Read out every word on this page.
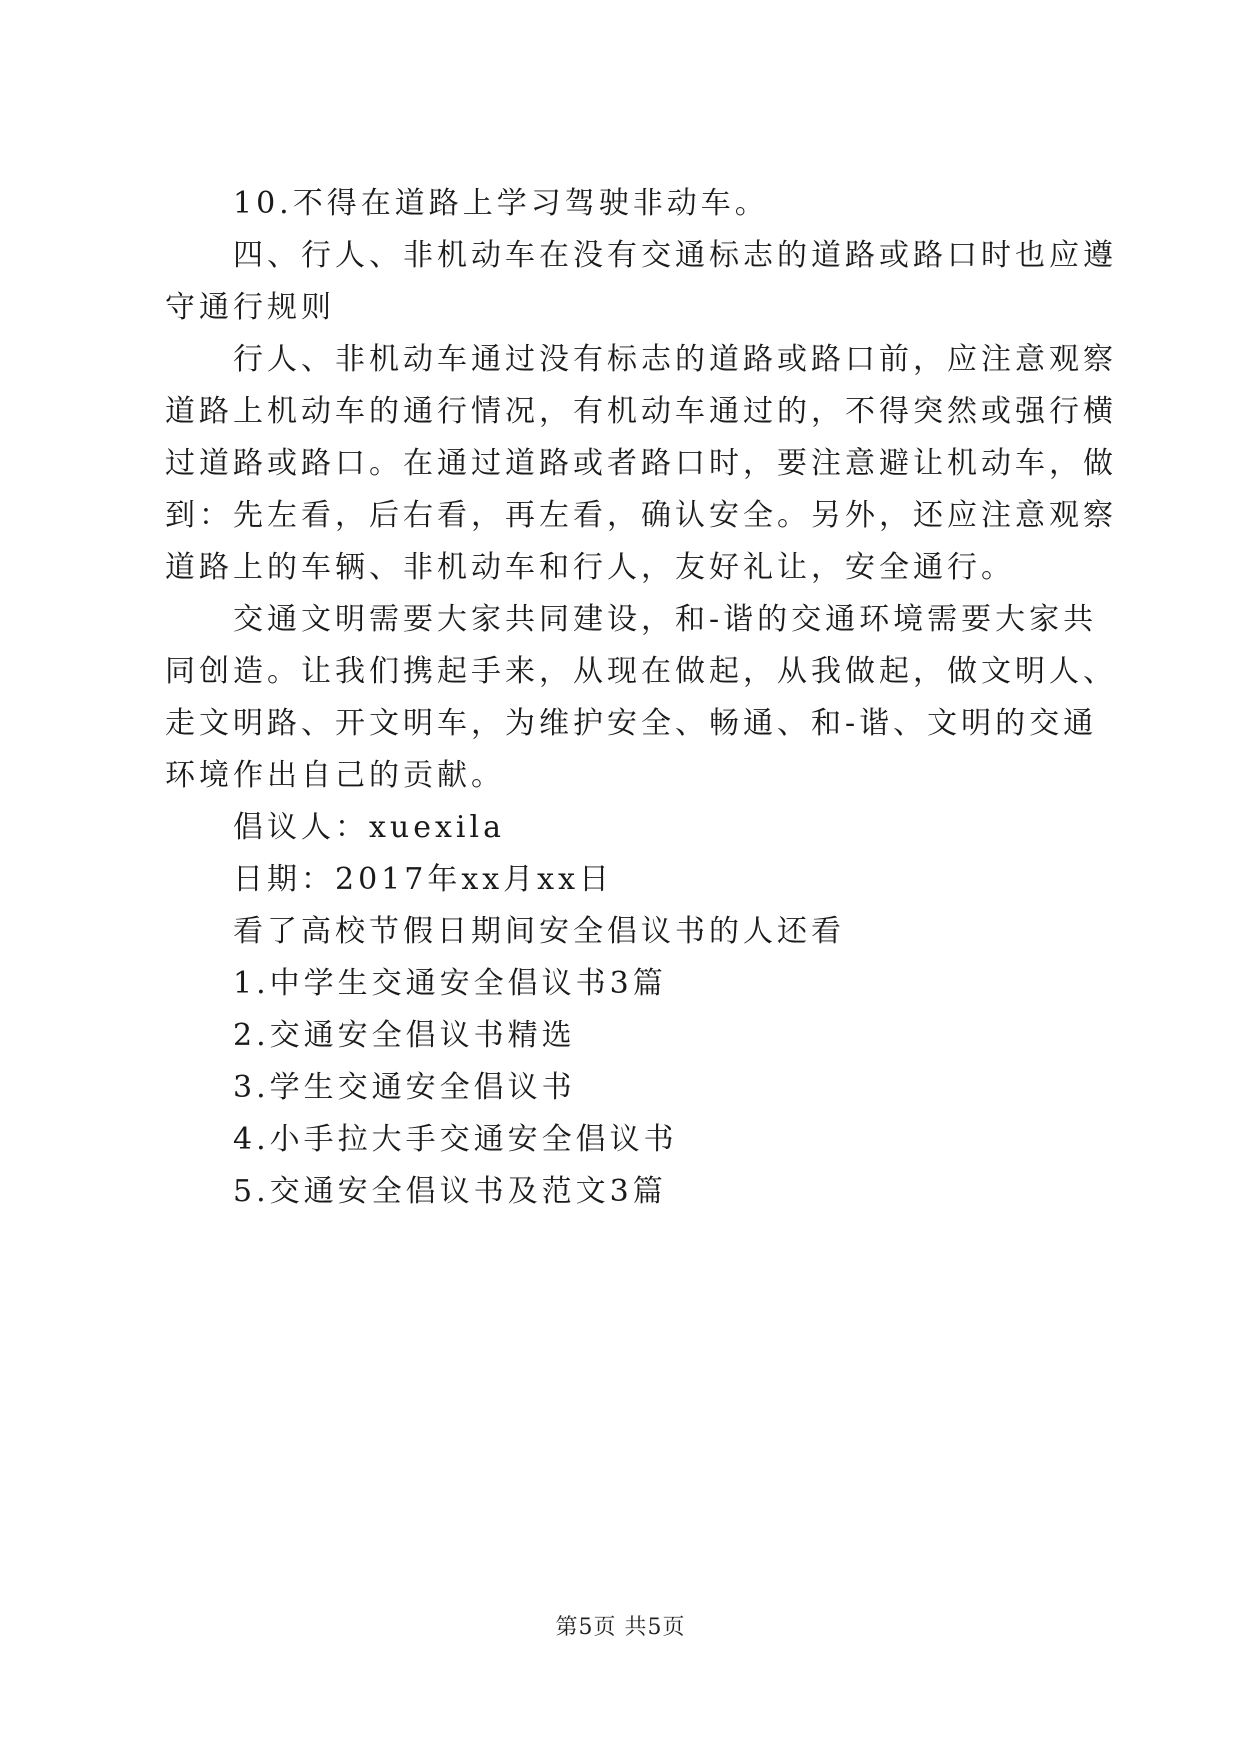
10.不得在道路上学习驾驶非动车。
四、行人、非机动车在没有交通标志的道路或路口时也应遵
守通行规则
行人、非机动车通过没有标志的道路或路口前，应注意观察
道路上机动车的通行情况，有机动车通过的，不得突然或强行横
过道路或路口。在通过道路或者路口时，要注意避让机动车，做
到：先左看，后右看，再左看，确认安全。另外，还应注意观察
道路上的车辆、非机动车和行人，友好礼让，安全通行。
交通文明需要大家共同建设，和-谐的交通环境需要大家共
同创造。让我们携起手来，从现在做起，从我做起，做文明人、
走文明路、开文明车，为维护安全、畅通、和-谐、文明的交通
环境作出自己的贡献。
倡议人：xuexila
日期：2017年xx月xx日
看了高校节假日期间安全倡议书的人还看
1.中学生交通安全倡议书3篇
2.交通安全倡议书精选
3.学生交通安全倡议书
4.小手拉大手交通安全倡议书
5.交通安全倡议书及范文3篇
第5页 共5页
